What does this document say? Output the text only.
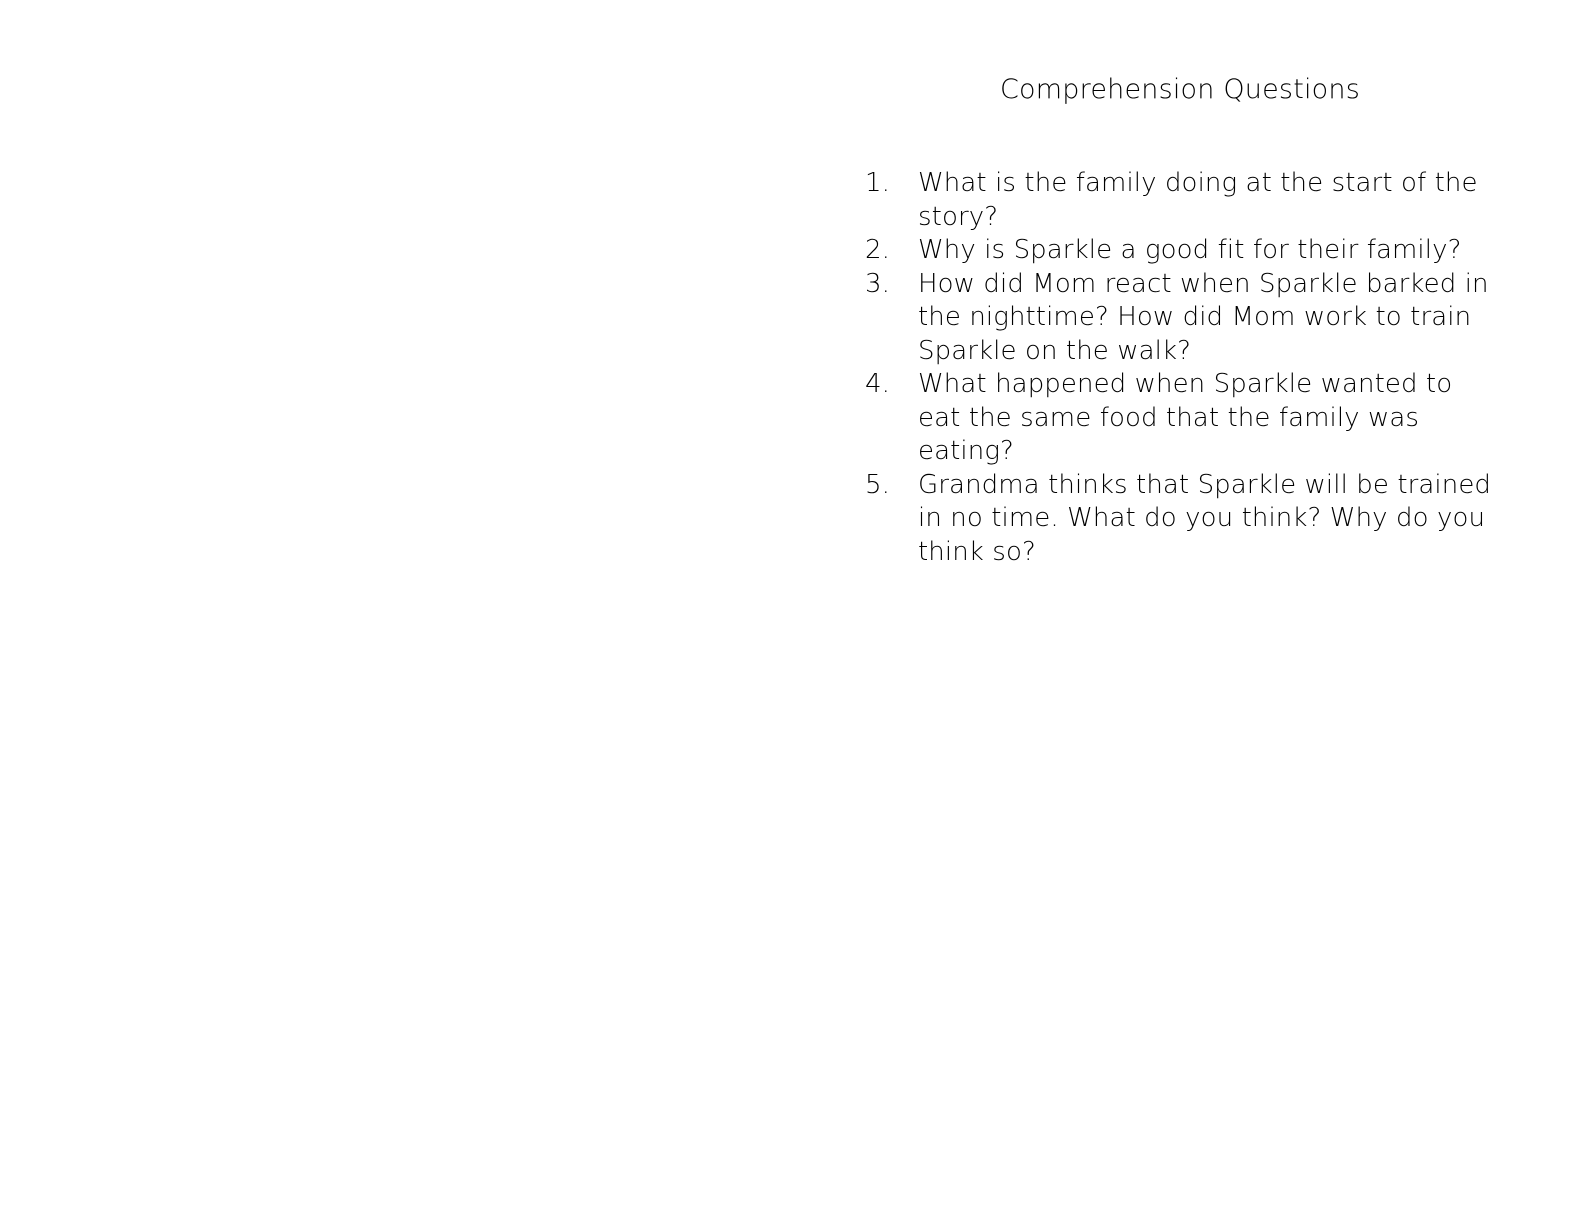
Comprehension Questions
1. What is the family doing at the start of the
story?
2. Why is Sparkle a good fit for their family?
3. How did Mom react when Sparkle barked in
the nighttime? How did Mom work to train
Sparkle on the walk?
4. What happened when Sparkle wanted to
eat the same food that the family was
eating?
5. Grandma thinks that Sparkle will be trained
in no time. What do you think? Why do you
think so?
